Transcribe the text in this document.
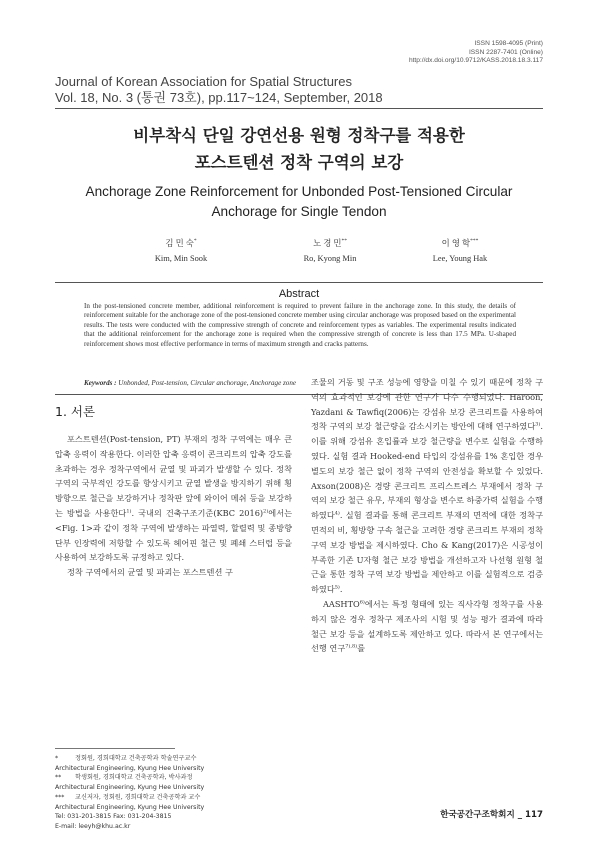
ISSN 1598-4095 (Print)
ISSN 2287-7401 (Online)
http://dx.doi.org/10.9712/KASS.2018.18.3.117
Journal of Korean Association for Spatial Structures
Vol. 18, No. 3 (통권 73호), pp.117~124, September, 2018
비부착식 단일 강연선용 원형 정착구를 적용한
포스트텐션 정착 구역의 보강
Anchorage Zone Reinforcement for Unbonded Post-Tensioned Circular
Anchorage for Single Tendon
김 민 숙*
Kim, Min Sook
노 경 민**
Ro, Kyong Min
이 영 학***
Lee, Young Hak
Abstract
In the post-tensioned concrete member, additional reinforcement is required to prevent failure in the anchorage zone. In this study, the details of reinforcement suitable for the anchorage zone of the post-tensioned concrete member using circular anchorage was proposed based on the experimental results. The tests were conducted with the compressive strength of concrete and reinforcement types as variables. The experimental results indicated that the additional reinforcement for the anchorage zone is required when the compressive strength of concrete is less than 17.5 MPa. U-shaped reinforcement shows most effective performance in terms of maximum strength and cracks patterns.
Keywords : Unbonded, Post-tension, Circular anchorage, Anchorage zone
1. 서론

포스트텐션(Post-tension, PT) 부재의 정착 구역에는 매우 큰 압축 응력이 작용한다. 이러한 압축 응력이 콘크리트의 압축 강도를 초과하는 경우 정착구역에서 균열 및 파괴가 발생할 수 있다. 정착 구역의 국부적인 강도를 향상시키고 균열 발생을 방지하기 위해 횡방향으로 철근을 보강하거나 정착판 앞에 와이어 메쉬 등을 보강하는 방법을 사용한다$^{1)}$. 국내의 건축구조기준(KBC 2016)$^{2)}$에서는 <Fig. 1>과 같이 정착 구역에 발생하는 파열력, 할렬력 및 종방향 단부 인장력에 저항할 수 있도록 헤어핀 철근 및 폐쇄 스터럽 등을 사용하여 보강하도록 규정하고 있다.

정착 구역에서의 균열 및 파괴는 포스트텐션 구

조물의 거동 및 구조 성능에 영향을 미칠 수 있기 때문에 정착 구역의 효과적인 보강에 관한 연구가 다수 수행되었다. Haroon, Yazdani & Tawfiq(2006)는 강섬유 보강 콘크리트를 사용하여 정착 구역의 보강 철근량을 감소시키는 방안에 대해 연구하였다$^{3)}$. 이를 위해 강섬유 혼입률과 보강 철근량을 변수로 실험을 수행하였다. 실험 결과 Hooked-end 타입의 강섬유를 1% 혼입한 경우 별도의 보강 철근 없이 정착 구역의 안전성을 확보할 수 있었다. Axson(2008)은 경량 콘크리트 프리스트레스 부재에서 정착 구역의 보강 철근 유무, 부재의 형상을 변수로 하중가력 실험을 수행하였다$^{4)}$. 실험 결과를 통해 콘크리트 부재의 면적에 대한 정착구 면적의 비, 횡방향 구속 철근을 고려한 경량 콘크리트 부재의 정착 구역 보강 방법을 제시하였다. Cho & Kang(2017)은 시공성이 부족한 기존 U자형 철근 보강 방법을 개선하고자 나선형 원형 철근을 통한 정착 구역 보강 방법을 제안하고 이를 실험적으로 검증하였다$^{5)}$.

AASHTO$^{6)}$에서는 특정 형태에 있는 직사각형 정착구를 사용하지 않은 경우 정착구 제조사의 시험 및 성능 평가 결과에 따라 철근 보강 등을 설계하도록 제안하고 있다. 따라서 본 연구에서는 선행 연구$^{7),8)}$를

*	정회원, 경희대학교 건축공학과 학술연구교수
Architectural Engineering, Kyung Hee University
**	학생회원, 경희대학교 건축공학과, 박사과정
Architectural Engineering, Kyung Hee University
***	교신저자, 정회원, 경희대학교 건축공학과 교수
Architectural Engineering, Kyung Hee University
Tel: 031-201-3815 Fax: 031-204-3815
E-mail: leeyh@khu.ac.kr
한국공간구조학회지 _ 117
